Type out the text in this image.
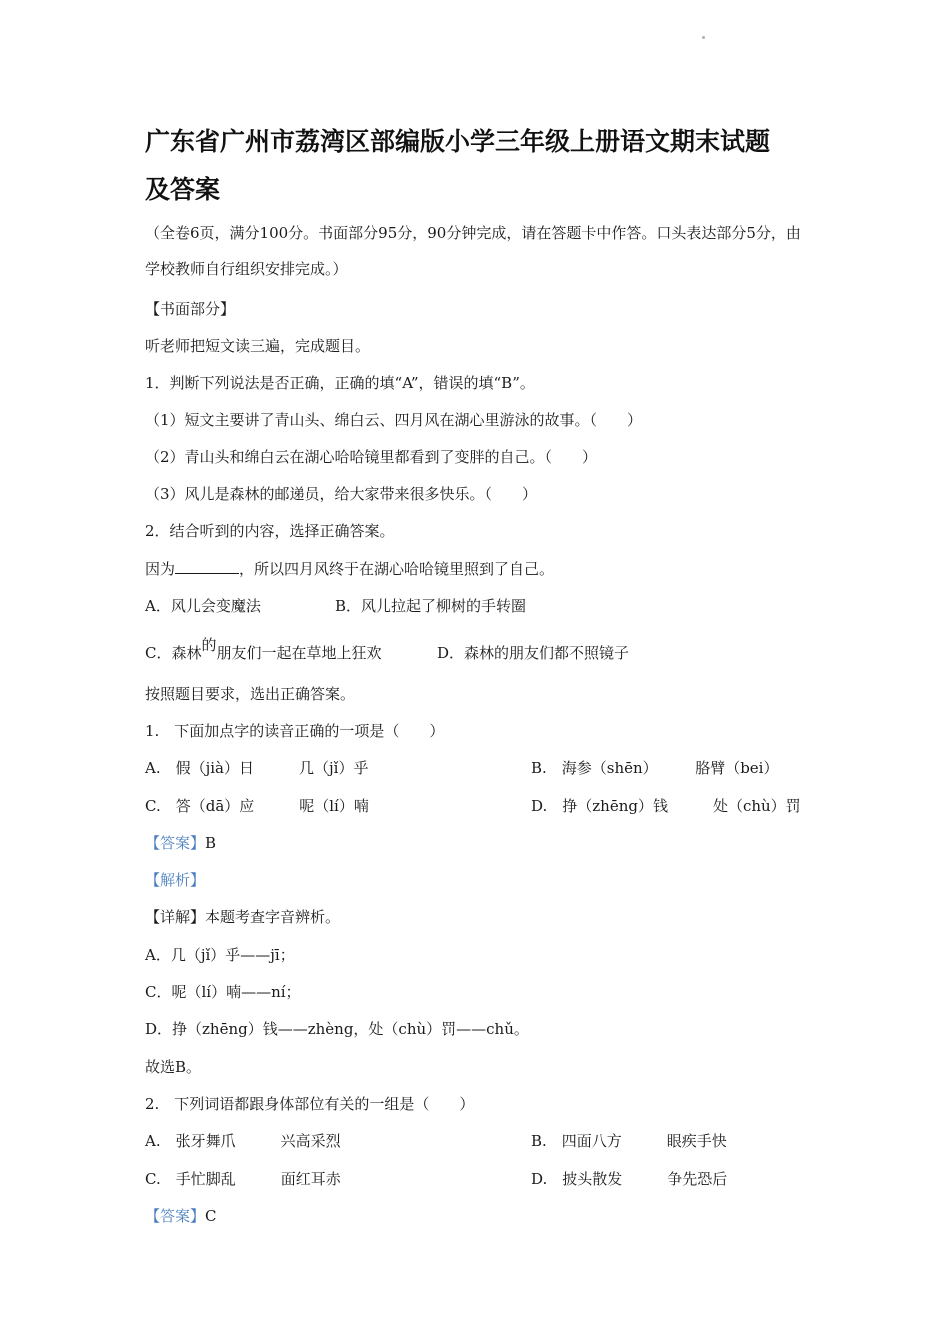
广东省广州市荔湾区部编版小学三年级上册语文期末试题
及答案
（全卷6页，满分100分。书面部分95分，90分钟完成，请在答题卡中作答。口头表达部分5分，由学校教师自行组织安排完成。）
【书面部分】
听老师把短文读三遍，完成题目。
1．判断下列说法是否正确，正确的填“A”，错误的填“B”。
（1）短文主要讲了青山头、绵白云、四月风在湖心里游泳的故事。（　　）
（2）青山头和绵白云在湖心哈哈镜里都看到了变胖的自己。（　　）
（3）风儿是森林的邮递员，给大家带来很多快乐。（　　）
2．结合听到的内容，选择正确答案。
因为	，所以四月风终于在湖心哈哈镜里照到了自己。
A．风儿会变魔法	B．风儿拉起了柳树的手转圈
C．森林的朋友们一起在草地上狂欢	D．森林的朋友们都不照镜子
按照题目要求，选出正确答案。
1.　下面加点字的读音正确的一项是（　　）
A.　假（jià）日　　　几（jǐ）乎	B.　海参（shēn）　　　胳臂（bei）
C.　答（dā）应　　　呢（lí）喃	D.　挣（zhēng）钱　　　处（chù）罚
【答案】B
【解析】
【详解】本题考查字音辨析。
A．几（jǐ）乎——jī；
C．呢（lí）喃——ní；
D．挣（zhēng）钱——zhèng，处（chù）罚——chǔ。
故选B。
2.　下列词语都跟身体部位有关的一组是（　　）
A.　张牙舞爪　　　兴高采烈	B.　四面八方　　　眼疾手快
C.　手忙脚乱　　　面红耳赤	D.　披头散发　　　争先恐后
【答案】C
